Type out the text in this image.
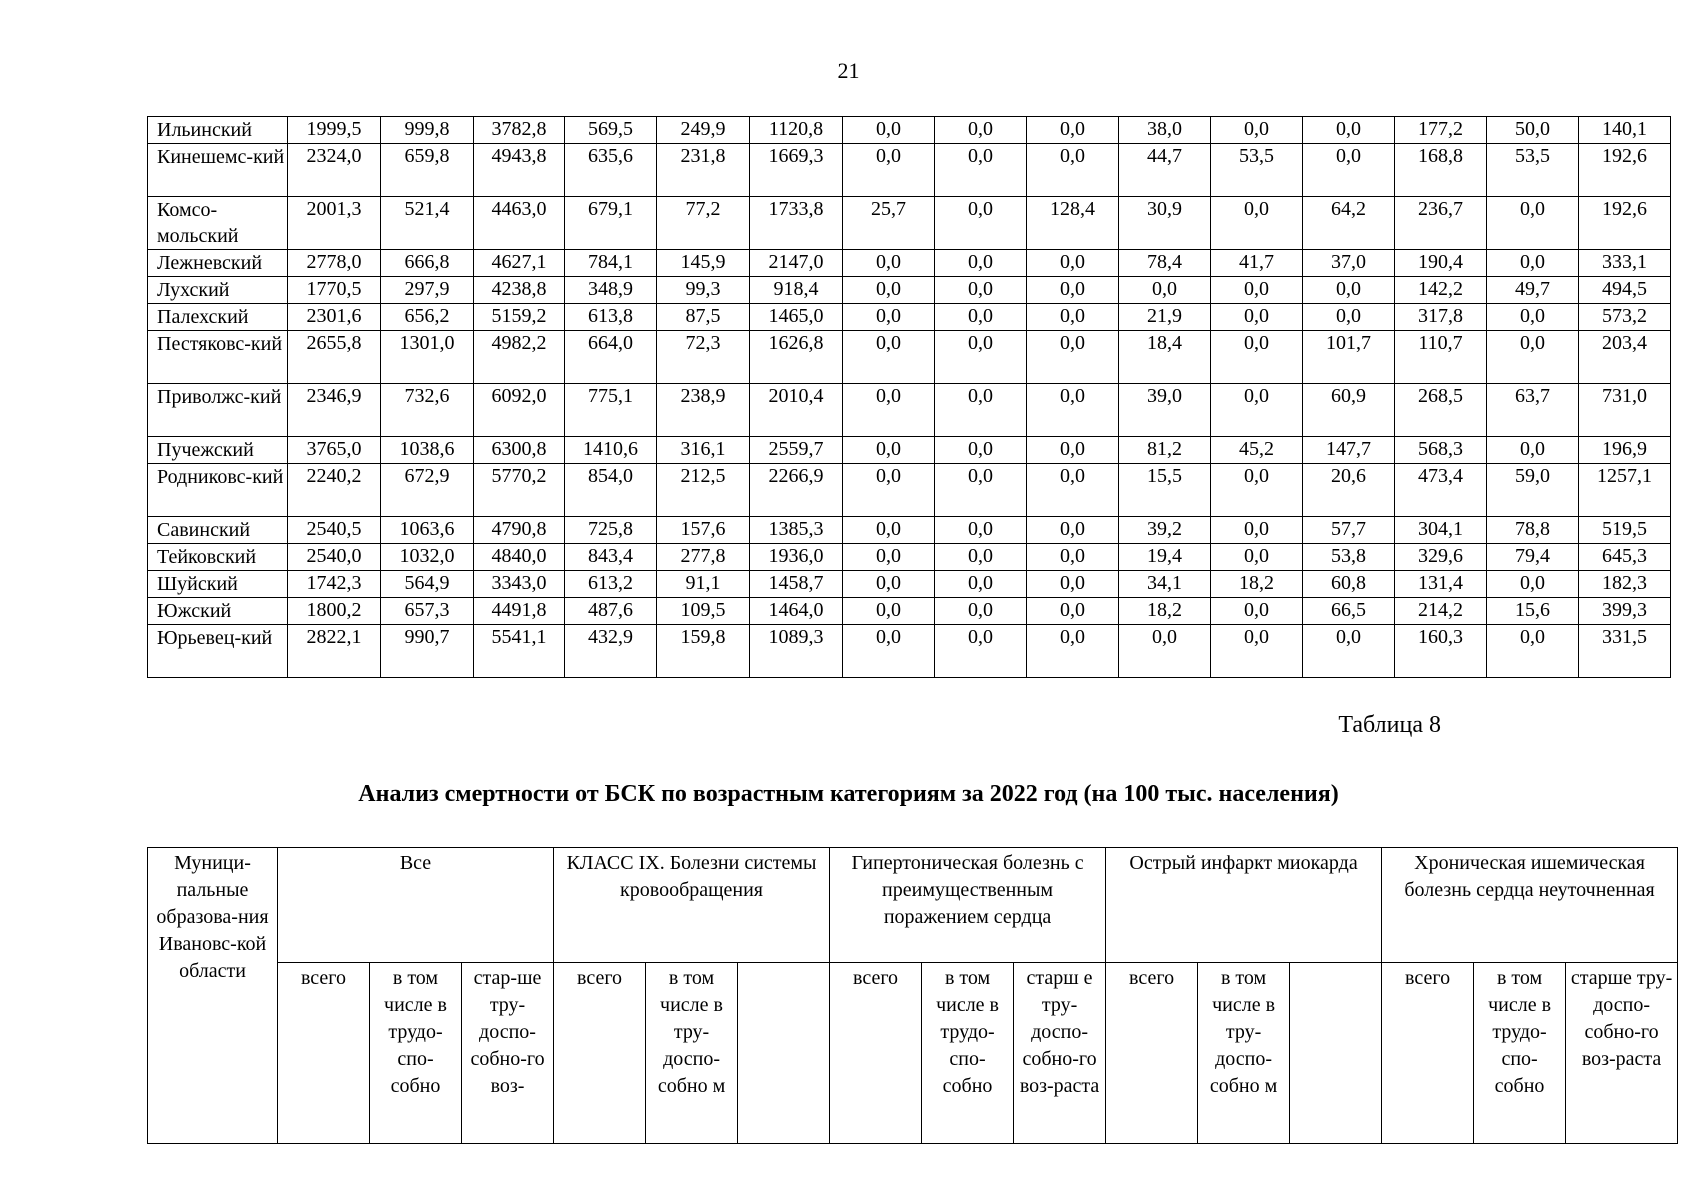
21
Ильинский	1999,5	999,8	3782,8	569,5	249,9	1120,8	0,0	0,0	0,0	38,0	0,0	0,0	177,2	50,0	140,1
Кинешемс-кий	2324,0	659,8	4943,8	635,6	231,8	1669,3	0,0	0,0	0,0	44,7	53,5	0,0	168,8	53,5	192,6
Комсо-мольский	2001,3	521,4	4463,0	679,1	77,2	1733,8	25,7	0,0	128,4	30,9	0,0	64,2	236,7	0,0	192,6
Лежневский	2778,0	666,8	4627,1	784,1	145,9	2147,0	0,0	0,0	0,0	78,4	41,7	37,0	190,4	0,0	333,1
Лухский	1770,5	297,9	4238,8	348,9	99,3	918,4	0,0	0,0	0,0	0,0	0,0	0,0	142,2	49,7	494,5
Палехский	2301,6	656,2	5159,2	613,8	87,5	1465,0	0,0	0,0	0,0	21,9	0,0	0,0	317,8	0,0	573,2
Пестяковс-кий	2655,8	1301,0	4982,2	664,0	72,3	1626,8	0,0	0,0	0,0	18,4	0,0	101,7	110,7	0,0	203,4
Приволжс-кий	2346,9	732,6	6092,0	775,1	238,9	2010,4	0,0	0,0	0,0	39,0	0,0	60,9	268,5	63,7	731,0
Пучежский	3765,0	1038,6	6300,8	1410,6	316,1	2559,7	0,0	0,0	0,0	81,2	45,2	147,7	568,3	0,0	196,9
Родниковс-кий	2240,2	672,9	5770,2	854,0	212,5	2266,9	0,0	0,0	0,0	15,5	0,0	20,6	473,4	59,0	1257,1
Савинский	2540,5	1063,6	4790,8	725,8	157,6	1385,3	0,0	0,0	0,0	39,2	0,0	57,7	304,1	78,8	519,5
Тейковский	2540,0	1032,0	4840,0	843,4	277,8	1936,0	0,0	0,0	0,0	19,4	0,0	53,8	329,6	79,4	645,3
Шуйский	1742,3	564,9	3343,0	613,2	91,1	1458,7	0,0	0,0	0,0	34,1	18,2	60,8	131,4	0,0	182,3
Южский	1800,2	657,3	4491,8	487,6	109,5	1464,0	0,0	0,0	0,0	18,2	0,0	66,5	214,2	15,6	399,3
Юрьевец-кий	2822,1	990,7	5541,1	432,9	159,8	1089,3	0,0	0,0	0,0	0,0	0,0	0,0	160,3	0,0	331,5
Таблица 8
Анализ смертности от БСК по возрастным категориям за 2022 год (на 100 тыс. населения)
Муници-пальные образова-ния Ивановс-кой области	Все			КЛАСС IX. Болезни системы кровообращения			Гипертоническая болезнь с преимущественным поражением сердца			Острый инфаркт миокарда			Хроническая ишемическая болезнь сердца неуточненная		
	всего	в том числе в трудо-спо-собно	стар-ше тру-доспо-собно-го воз-	всего	в том числе в тру-доспо-собно м		всего	в том числе в трудо-спо-собно	старш е тру-доспо-собно-го воз-раста	всего	в том числе в тру-доспо-собно м		всего	в том числе в трудо-спо-собно	старше тру-доспо-собно-го воз-раста
